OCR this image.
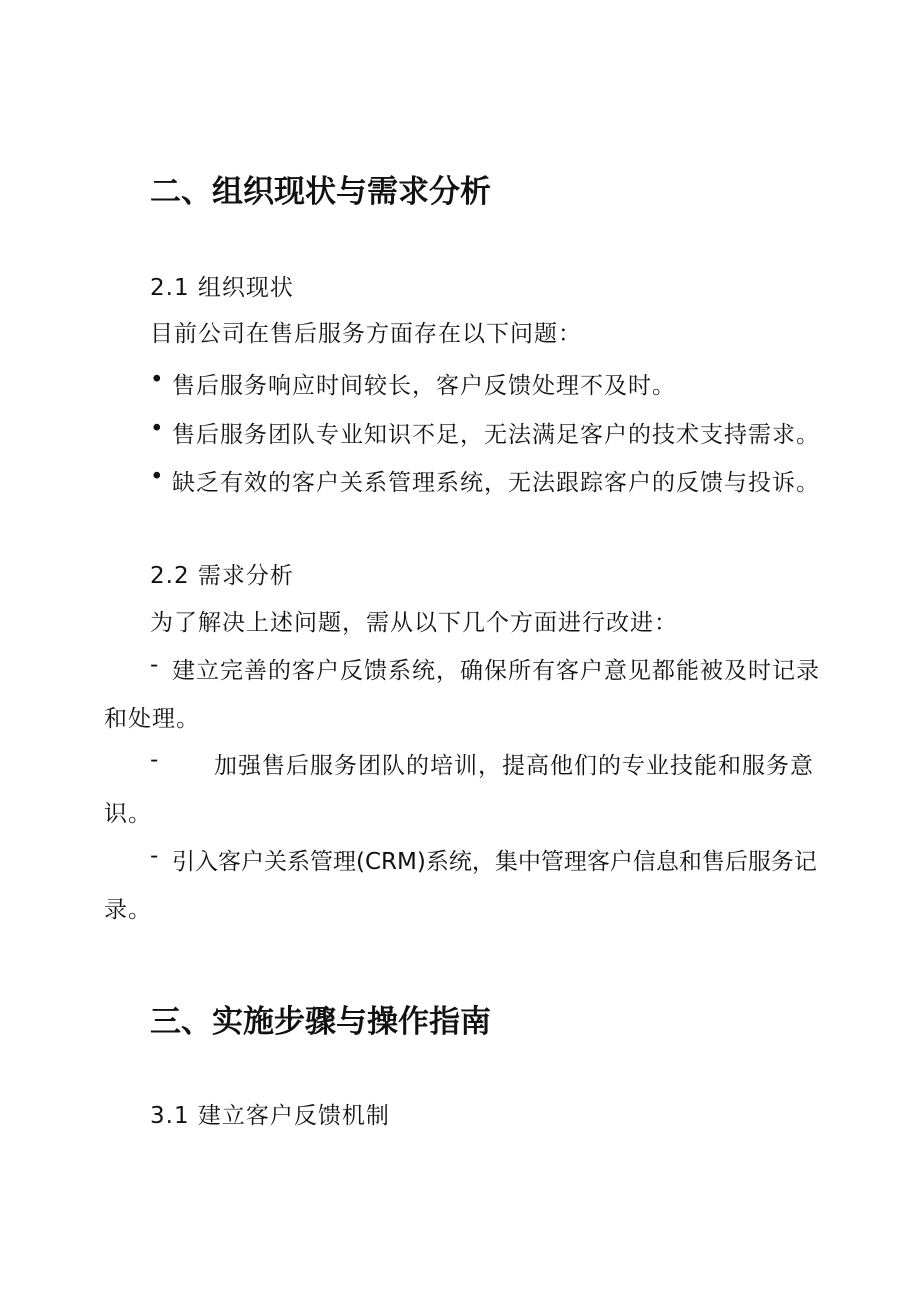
二、组织现状与需求分析
2.1 组织现状
目前公司在售后服务方面存在以下问题：
• 售后服务响应时间较长，客户反馈处理不及时。
• 售后服务团队专业知识不足，无法满足客户的技术支持需求。
• 缺乏有效的客户关系管理系统，无法跟踪客户的反馈与投诉。
2.2 需求分析
为了解决上述问题，需从以下几个方面进行改进：
- 建立完善的客户反馈系统，确保所有客户意见都能被及时记录
和处理。
- 加强售后服务团队的培训，提高他们的专业技能和服务意
识。
- 引入客户关系管理(CRM)系统，集中管理客户信息和售后服务记
录。
三、实施步骤与操作指南
3.1 建立客户反馈机制
